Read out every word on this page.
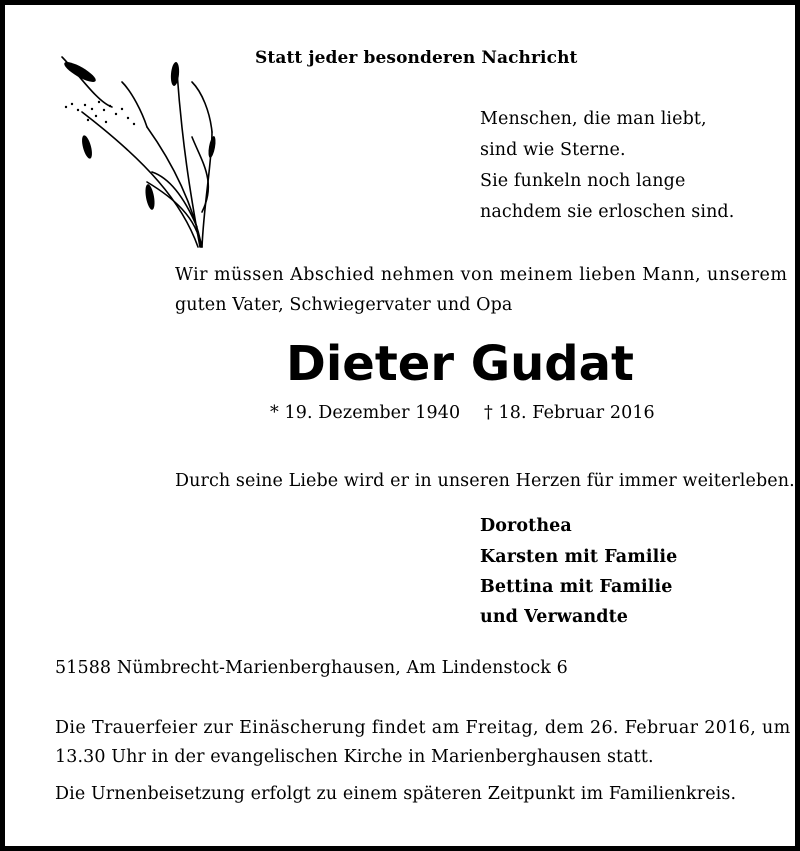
Statt jeder besonderen Nachricht

Menschen, die man liebt,

sind wie Sterne.

Sie funkeln noch lange

nachdem sie erloschen sind.

Wir müssen Abschied nehmen von meinem lieben Mann, unserem

guten Vater, Schwiegervater und Opa

Dieter Gudat

* 19. Dezember 1940 † 18. Februar 2016

Durch seine Liebe wird er in unseren Herzen für immer weiterleben.

Dorothea

Karsten mit Familie

Bettina mit Familie

und Verwandte

51588 Nümbrecht-Marienberghausen, Am Lindenstock 6

Die Trauerfeier zur Einäscherung findet am Freitag, dem 26. Februar 2016, um

13.30 Uhr in der evangelischen Kirche in Marienberghausen statt.

Die Urnenbeisetzung erfolgt zu einem späteren Zeitpunkt im Familienkreis.
